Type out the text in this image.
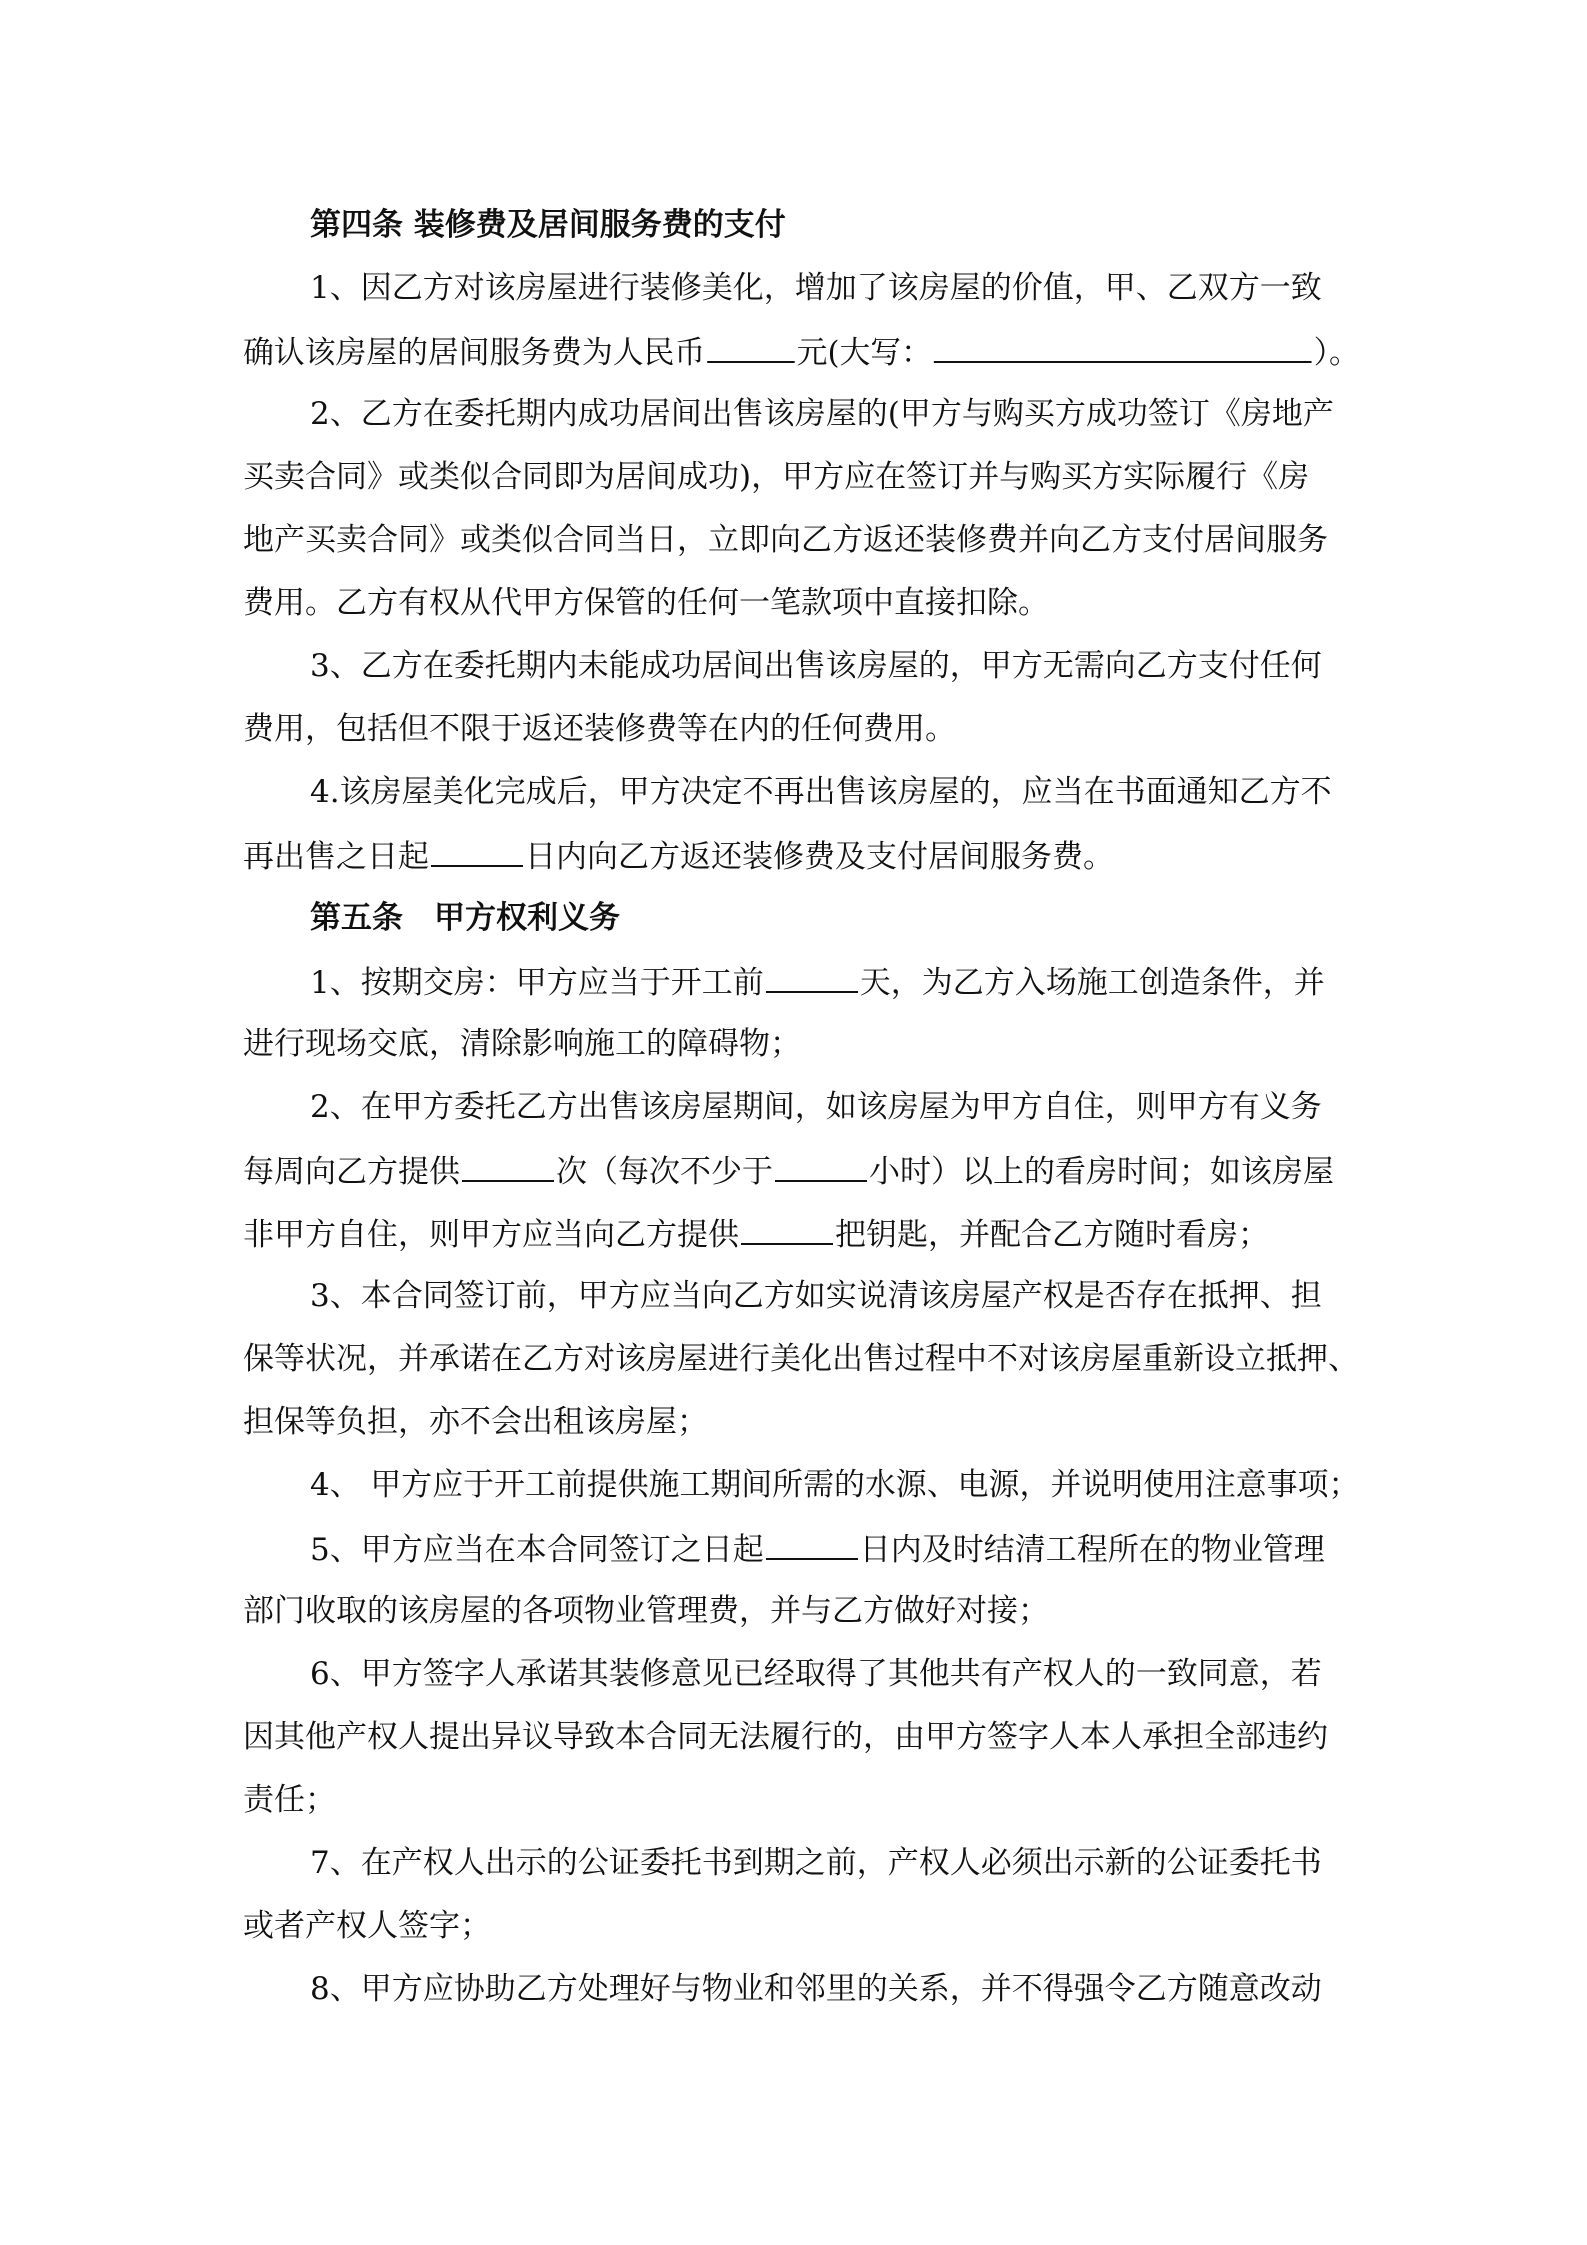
第四条 装修费及居间服务费的支付
1、因乙方对该房屋进行装修美化，增加了该房屋的价值，甲、乙双方一致
确认该房屋的居间服务费为人民币	元(大写：	）。
2、乙方在委托期内成功居间出售该房屋的(甲方与购买方成功签订《房地产
买卖合同》或类似合同即为居间成功)，甲方应在签订并与购买方实际履行《房
地产买卖合同》或类似合同当日，立即向乙方返还装修费并向乙方支付居间服务
费用。乙方有权从代甲方保管的任何一笔款项中直接扣除。
3、乙方在委托期内未能成功居间出售该房屋的，甲方无需向乙方支付任何
费用，包括但不限于返还装修费等在内的任何费用。
4.该房屋美化完成后，甲方决定不再出售该房屋的，应当在书面通知乙方不
再出售之日起	日内向乙方返还装修费及支付居间服务费。
第五条　甲方权利义务
1、按期交房：甲方应当于开工前	天，为乙方入场施工创造条件，并
进行现场交底，清除影响施工的障碍物；
2、在甲方委托乙方出售该房屋期间，如该房屋为甲方自住，则甲方有义务
每周向乙方提供	次（每次不少于	小时）以上的看房时间；如该房屋
非甲方自住，则甲方应当向乙方提供	把钥匙，并配合乙方随时看房；
3、本合同签订前，甲方应当向乙方如实说清该房屋产权是否存在抵押、担
保等状况，并承诺在乙方对该房屋进行美化出售过程中不对该房屋重新设立抵押、
担保等负担，亦不会出租该房屋；
4、 甲方应于开工前提供施工期间所需的水源、电源，并说明使用注意事项；
5、甲方应当在本合同签订之日起	日内及时结清工程所在的物业管理
部门收取的该房屋的各项物业管理费，并与乙方做好对接；
6、甲方签字人承诺其装修意见已经取得了其他共有产权人的一致同意，若
因其他产权人提出异议导致本合同无法履行的，由甲方签字人本人承担全部违约
责任；
7、在产权人出示的公证委托书到期之前，产权人必须出示新的公证委托书
或者产权人签字；
8、甲方应协助乙方处理好与物业和邻里的关系，并不得强令乙方随意改动
